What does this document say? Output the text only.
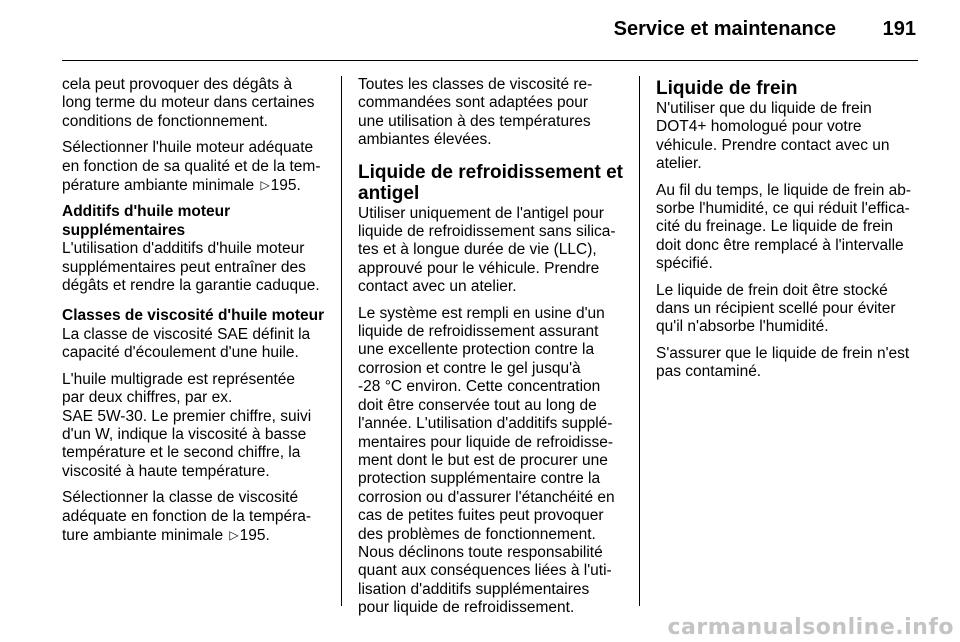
Service et maintenance 191

cela peut provoquer des dégâts à
long terme du moteur dans certaines
conditions de fonctionnement.

Sélectionner l'huile moteur adéquate
en fonction de sa qualité et de la tem-
pérature ambiante minimale ▷195.

Additifs d'huile moteur
supplémentaires

L'utilisation d'additifs d'huile moteur
supplémentaires peut entraîner des
dégâts et rendre la garantie caduque.

Classes de viscosité d'huile moteur

La classe de viscosité SAE définit la
capacité d'écoulement d'une huile.

L'huile multigrade est représentée
par deux chiffres, par ex.
SAE 5W-30. Le premier chiffre, suivi
d'un W, indique la viscosité à basse
température et le second chiffre, la
viscosité à haute température.

Sélectionner la classe de viscosité
adéquate en fonction de la tempéra-
ture ambiante minimale ▷195.

Toutes les classes de viscosité re-
commandées sont adaptées pour
une utilisation à des températures
ambiantes élevées.

Liquide de refroidissement et
antigel

Utiliser uniquement de l'antigel pour
liquide de refroidissement sans silica-
tes et à longue durée de vie (LLC),
approuvé pour le véhicule. Prendre
contact avec un atelier.

Le système est rempli en usine d'un
liquide de refroidissement assurant
une excellente protection contre la
corrosion et contre le gel jusqu'à
-28 °C environ. Cette concentration
doit être conservée tout au long de
l'année. L'utilisation d'additifs supplé-
mentaires pour liquide de refroidisse-
ment dont le but est de procurer une
protection supplémentaire contre la
corrosion ou d'assurer l'étanchéité en
cas de petites fuites peut provoquer
des problèmes de fonctionnement.
Nous déclinons toute responsabilité
quant aux conséquences liées à l'uti-
lisation d'additifs supplémentaires
pour liquide de refroidissement.

Liquide de frein

N'utiliser que du liquide de frein
DOT4+ homologué pour votre
véhicule. Prendre contact avec un
atelier.

Au fil du temps, le liquide de frein ab-
sorbe l'humidité, ce qui réduit l'effica-
cité du freinage. Le liquide de frein
doit donc être remplacé à l'intervalle
spécifié.

Le liquide de frein doit être stocké
dans un récipient scellé pour éviter
qu'il n'absorbe l'humidité.

S'assurer que le liquide de frein n'est
pas contaminé.

carmanualsonline.info
